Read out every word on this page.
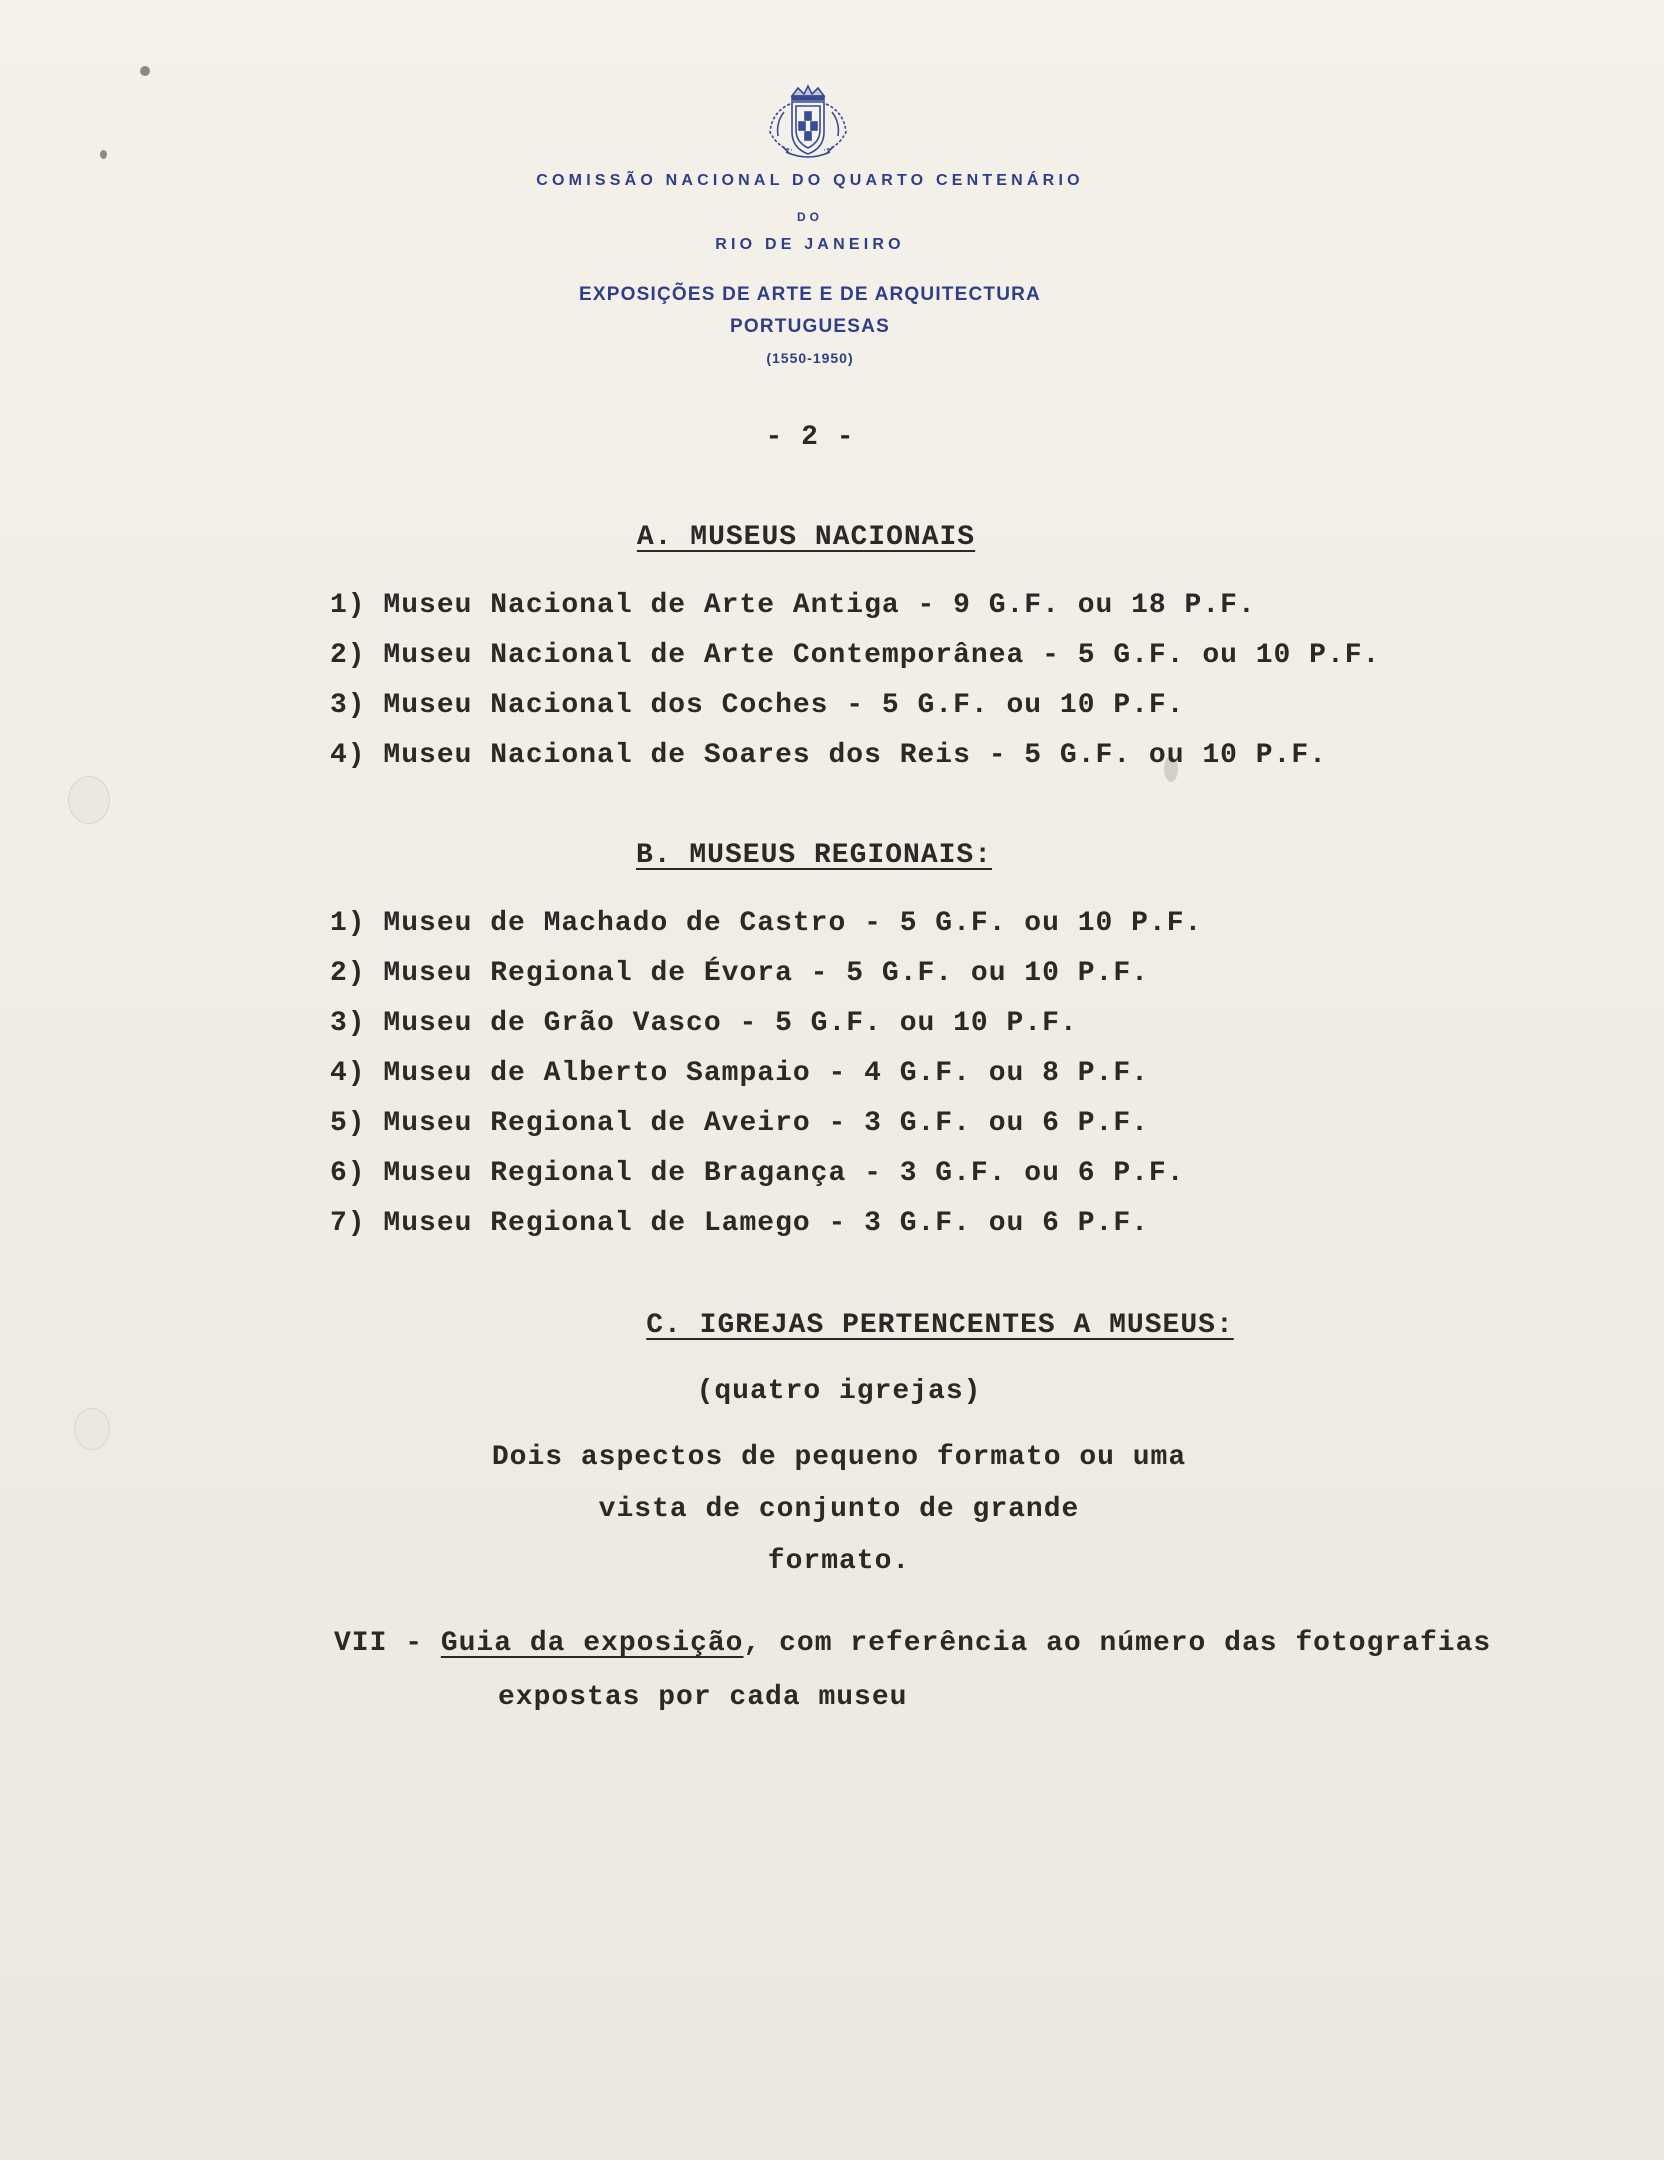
COMISSÃO NACIONAL DO QUARTO CENTENÁRIO
DO
RIO DE JANEIRO
EXPOSIÇÕES DE ARTE E DE ARQUITECTURA
PORTUGUESAS
(1550-1950)
- 2 -
A. MUSEUS NACIONAIS
1) Museu Nacional de Arte Antiga - 9 G.F. ou 18 P.F.
2) Museu Nacional de Arte Contemporânea - 5 G.F. ou 10 P.F.
3) Museu Nacional dos Coches - 5 G.F. ou 10 P.F.
4) Museu Nacional de Soares dos Reis - 5 G.F. ou 10 P.F.
B. MUSEUS REGIONAIS:
1) Museu de Machado de Castro - 5 G.F. ou 10 P.F.
2) Museu Regional de Évora - 5 G.F. ou 10 P.F.
3) Museu de Grão Vasco - 5 G.F. ou 10 P.F.
4) Museu de Alberto Sampaio - 4 G.F. ou 8 P.F.
5) Museu Regional de Aveiro - 3 G.F. ou 6 P.F.
6) Museu Regional de Bragança - 3 G.F. ou 6 P.F.
7) Museu Regional de Lamego - 3 G.F. ou 6 P.F.
C. IGREJAS PERTENCENTES A MUSEUS:
(quatro igrejas)
Dois aspectos de pequeno formato ou uma
vista de conjunto de grande
formato.
VII - Guia da exposição, com referência ao número das fotografias
expostas por cada museu
